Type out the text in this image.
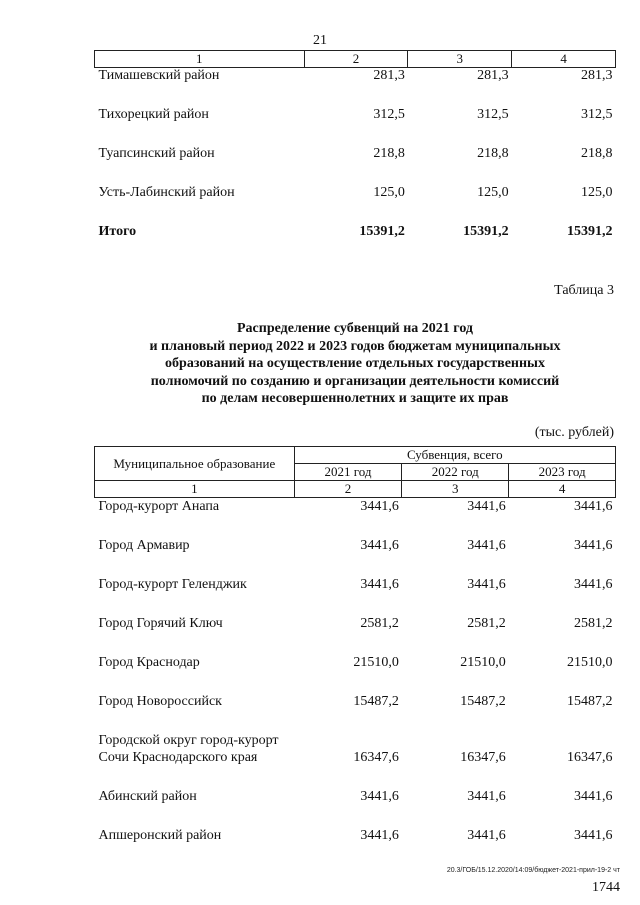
21
1	2	3	4
Тимашевский район	281,3	281,3	281,3
Тихорецкий район	312,5	312,5	312,5
Туапсинский район	218,8	218,8	218,8
Усть-Лабинский район	125,0	125,0	125,0
Итого	15391,2	15391,2	15391,2
Таблица 3
Распределение субвенций на 2021 год
и плановый период 2022 и 2023 годов бюджетам муниципальных
образований на осуществление отдельных государственных
полномочий по созданию и организации деятельности комиссий
по делам несовершеннолетних и защите их прав
(тыс. рублей)
Муниципальное образование	Субвенция, всего		
	2021 год	2022 год	2023 год
1	2	3	4
Город-курорт Анапа	3441,6	3441,6	3441,6
Город Армавир	3441,6	3441,6	3441,6
Город-курорт Геленджик	3441,6	3441,6	3441,6
Город Горячий Ключ	2581,2	2581,2	2581,2
Город Краснодар	21510,0	21510,0	21510,0
Город Новороссийск	15487,2	15487,2	15487,2

Городской округ город-курорт
Сочи Краснодарского края	16347,6	16347,6	16347,6
Абинский район	3441,6	3441,6	3441,6
Апшеронский район	3441,6	3441,6	3441,6
20.3/ГОБ/15.12.2020/14:09/бюджет-2021-прил-19-2 чт
1744
